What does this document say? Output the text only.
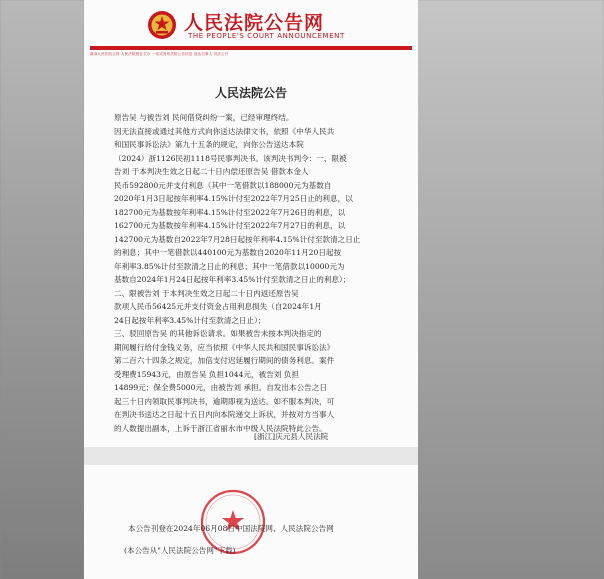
人民法院公告网
THE PEOPLE'S COURT ANNOUNCEMENT
最高人民法院主管 人民法院报社主办 一站式发布法院公告信息 送达当事人 司法公开
人民法院公告

原告吴 与被告刘 民间借贷纠纷一案，已经审理终结。

因无法直接或通过其他方式向你送达法律文书，依照《中华人民共

和国民事诉讼法》第九十五条的规定，向你公告送达本院

（2024）浙1126民初1118号民事判决书。该判决书判令：一、限被

告刘 于本判决生效之日起二十日内偿还原告吴 借款本金人

民币592800元并支付利息（其中一笔借款以188000元为基数自

2020年1月3日起按年利率4.15%计付至2022年7月25日止的利息，以

182700元为基数按年利率4.15%计付至2022年7月26日的利息，以

162700元为基数按年利率4.15%计付至2022年7月27日的利息，以

142700元为基数自2022年7月28日起按年利率4.15%计付至款清之日止

的利息；其中一笔借款以440100元为基数自2020年11月20日起按

年利率3.85%计付至款清之日止的利息；其中一笔借款以10000元为

基数自2024年1月24日起按年利率3.45%计付至款清之日止的利息）；

二、限被告刘 于本判决生效之日起二十日内返还原告吴

款项人民币56425元并支付资金占用利息损失（自2024年1月

24日起按年利率3.45%计付至款清之日止）；

三、驳回原告吴 的其他诉讼请求。如果被告未按本判决指定的

期间履行给付金钱义务，应当依照《中华人民共和国民事诉讼法》

第二百六十四条之规定，加倍支付迟延履行期间的债务利息。案件

受理费15943元，由原告吴 负担1044元，被告刘 负担

14899元；保全费5000元，由被告刘 承担。自发出本公告之日

起三十日内领取民事判决书，逾期即视为送达。如不服本判决，可

在判决书送达之日起十五日内向本院递交上诉状，并按对方当事人

的人数提出副本，上诉于浙江省丽水市中级人民法院特此公告。

[浙江]庆元县人民法院
本公告刊登在2024年06月08日中国法院网、人民法院公告网
(本公告从"人民法院公告网"下载)
